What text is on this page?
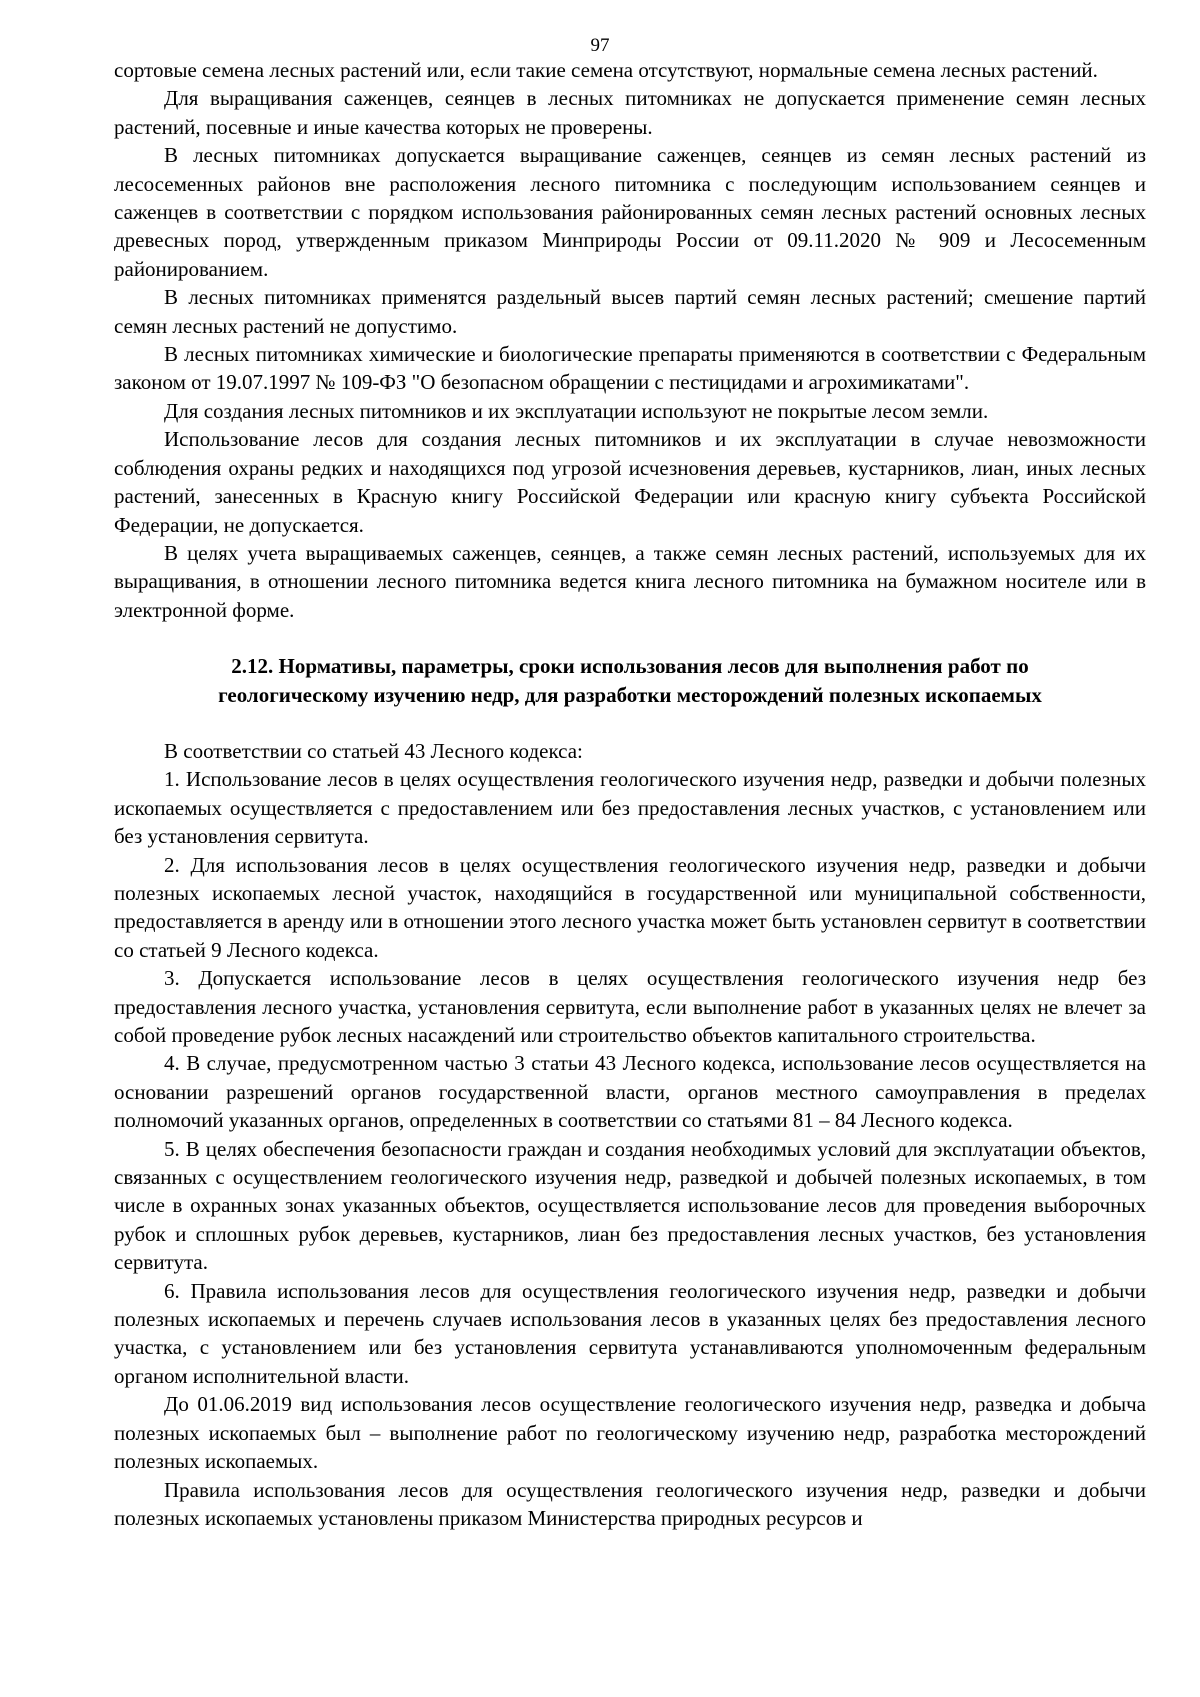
97

сортовые семена лесных растений или, если такие семена отсутствуют, нормальные семена лесных растений.

Для выращивания саженцев, сеянцев в лесных питомниках не допускается применение семян лесных растений, посевные и иные качества которых не проверены.

В лесных питомниках допускается выращивание саженцев, сеянцев из семян лесных растений из лесосеменных районов вне расположения лесного питомника с последующим использованием сеянцев и саженцев в соответствии с порядком использования районированных семян лесных растений основных лесных древесных пород, утвержденным приказом Минприроды России от 09.11.2020 № 909 и Лесосеменным районированием.

В лесных питомниках применятся раздельный высев партий семян лесных растений; смешение партий семян лесных растений не допустимо.

В лесных питомниках химические и биологические препараты применяются в соответствии с Федеральным законом от 19.07.1997 № 109-ФЗ "О безопасном обращении с пестицидами и агрохимикатами".

Для создания лесных питомников и их эксплуатации используют не покрытые лесом земли.

Использование лесов для создания лесных питомников и их эксплуатации в случае невозможности соблюдения охраны редких и находящихся под угрозой исчезновения деревьев, кустарников, лиан, иных лесных растений, занесенных в Красную книгу Российской Федерации или красную книгу субъекта Российской Федерации, не допускается.

В целях учета выращиваемых саженцев, сеянцев, а также семян лесных растений, используемых для их выращивания, в отношении лесного питомника ведется книга лесного питомника на бумажном носителе или в электронной форме.

2.12. Нормативы, параметры, сроки использования лесов для выполнения работ по геологическому изучению недр, для разработки месторождений полезных ископаемых

В соответствии со статьей 43 Лесного кодекса:

1. Использование лесов в целях осуществления геологического изучения недр, разведки и добычи полезных ископаемых осуществляется с предоставлением или без предоставления лесных участков, с установлением или без установления сервитута.

2. Для использования лесов в целях осуществления геологического изучения недр, разведки и добычи полезных ископаемых лесной участок, находящийся в государственной или муниципальной собственности, предоставляется в аренду или в отношении этого лесного участка может быть установлен сервитут в соответствии со статьей 9 Лесного кодекса.

3. Допускается использование лесов в целях осуществления геологического изучения недр без предоставления лесного участка, установления сервитута, если выполнение работ в указанных целях не влечет за собой проведение рубок лесных насаждений или строительство объектов капитального строительства.

4. В случае, предусмотренном частью 3 статьи 43 Лесного кодекса, использование лесов осуществляется на основании разрешений органов государственной власти, органов местного самоуправления в пределах полномочий указанных органов, определенных в соответствии со статьями 81 – 84 Лесного кодекса.

5. В целях обеспечения безопасности граждан и создания необходимых условий для эксплуатации объектов, связанных с осуществлением геологического изучения недр, разведкой и добычей полезных ископаемых, в том числе в охранных зонах указанных объектов, осуществляется использование лесов для проведения выборочных рубок и сплошных рубок деревьев, кустарников, лиан без предоставления лесных участков, без установления сервитута.

6. Правила использования лесов для осуществления геологического изучения недр, разведки и добычи полезных ископаемых и перечень случаев использования лесов в указанных целях без предоставления лесного участка, с установлением или без установления сервитута устанавливаются уполномоченным федеральным органом исполнительной власти.

До 01.06.2019 вид использования лесов осуществление геологического изучения недр, разведка и добыча полезных ископаемых был – выполнение работ по геологическому изучению недр, разработка месторождений полезных ископаемых.

Правила использования лесов для осуществления геологического изучения недр, разведки и добычи полезных ископаемых установлены приказом Министерства природных ресурсов и
